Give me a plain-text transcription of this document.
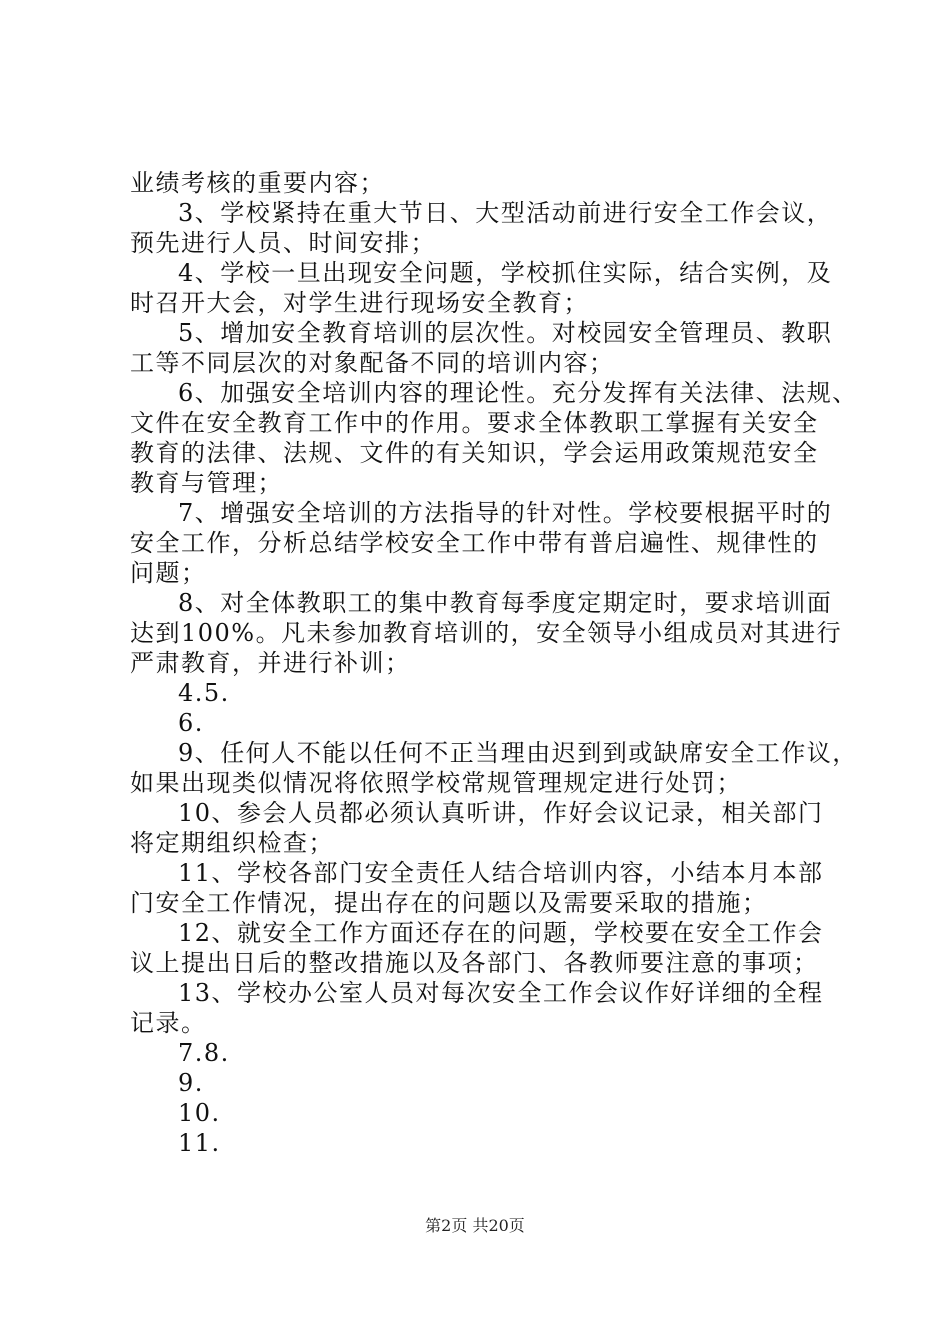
业绩考核的重要内容；
3、学校紧持在重大节日、大型活动前进行安全工作会议，
预先进行人员、时间安排；
4、学校一旦出现安全问题，学校抓住实际，结合实例，及
时召开大会，对学生进行现场安全教育；
5、增加安全教育培训的层次性。对校园安全管理员、教职
工等不同层次的对象配备不同的培训内容；
6、加强安全培训内容的理论性。充分发挥有关法律、法规、
文件在安全教育工作中的作用。要求全体教职工掌握有关安全
教育的法律、法规、文件的有关知识，学会运用政策规范安全
教育与管理；
7、增强安全培训的方法指导的针对性。学校要根据平时的
安全工作，分析总结学校安全工作中带有普启遍性、规律性的
问题；
8、对全体教职工的集中教育每季度定期定时，要求培训面
达到100%。凡未参加教育培训的，安全领导小组成员对其进行
严肃教育，并进行补训；
4.5.
6.
9、任何人不能以任何不正当理由迟到到或缺席安全工作议，
如果出现类似情况将依照学校常规管理规定进行处罚；
10、参会人员都必须认真听讲，作好会议记录，相关部门
将定期组织检查；
11、学校各部门安全责任人结合培训内容，小结本月本部
门安全工作情况，提出存在的问题以及需要采取的措施；
12、就安全工作方面还存在的问题，学校要在安全工作会
议上提出日后的整改措施以及各部门、各教师要注意的事项；
13、学校办公室人员对每次安全工作会议作好详细的全程
记录。
7.8.
9.
10.
11.
第2页 共20页
